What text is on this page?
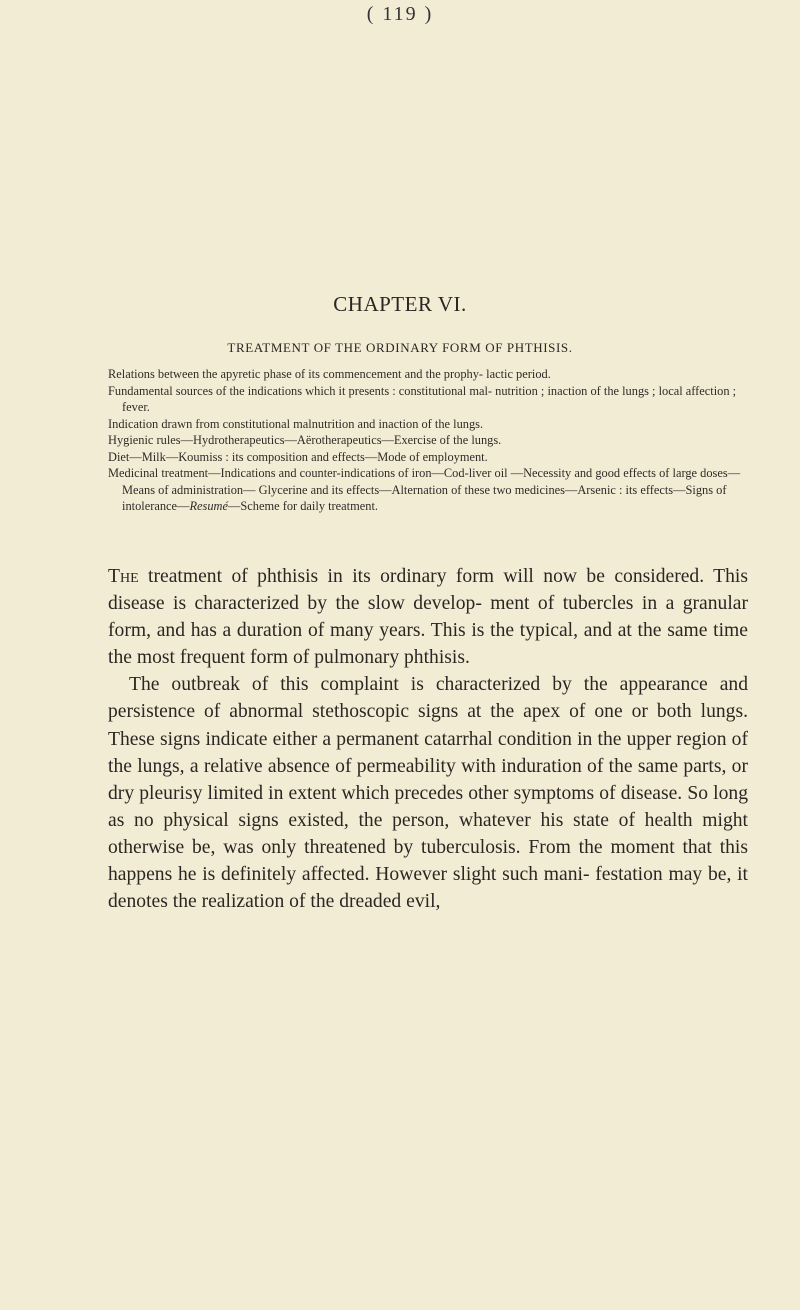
( 119 )
CHAPTER VI.
TREATMENT OF THE ORDINARY FORM OF PHTHISIS.
Relations between the apyretic phase of its commencement and the prophy- lactic period.
Fundamental sources of the indications which it presents : constitutional mal- nutrition ; inaction of the lungs ; local affection ; fever.
Indication drawn from constitutional malnutrition and inaction of the lungs.
Hygienic rules—Hydrotherapeutics—Aërotherapeutics—Exercise of the lungs.
Diet—Milk—Koumiss : its composition and effects—Mode of employment.
Medicinal treatment—Indications and counter-indications of iron—Cod-liver oil —Necessity and good effects of large doses—Means of administration— Glycerine and its effects—Alternation of these two medicines—Arsenic : its effects—Signs of intolerance—Resumé—Scheme for daily treatment.

The treatment of phthisis in its ordinary form will now be considered. This disease is characterized by the slow develop- ment of tubercles in a granular form, and has a duration of many years. This is the typical, and at the same time the most frequent form of pulmonary phthisis.

The outbreak of this complaint is characterized by the appearance and persistence of abnormal stethoscopic signs at the apex of one or both lungs. These signs indicate either a permanent catarrhal condition in the upper region of the lungs, a relative absence of permeability with induration of the same parts, or dry pleurisy limited in extent which precedes other symptoms of disease. So long as no physical signs existed, the person, whatever his state of health might otherwise be, was only threatened by tuberculosis. From the moment that this happens he is definitely affected. However slight such mani- festation may be, it denotes the realization of the dreaded evil,
